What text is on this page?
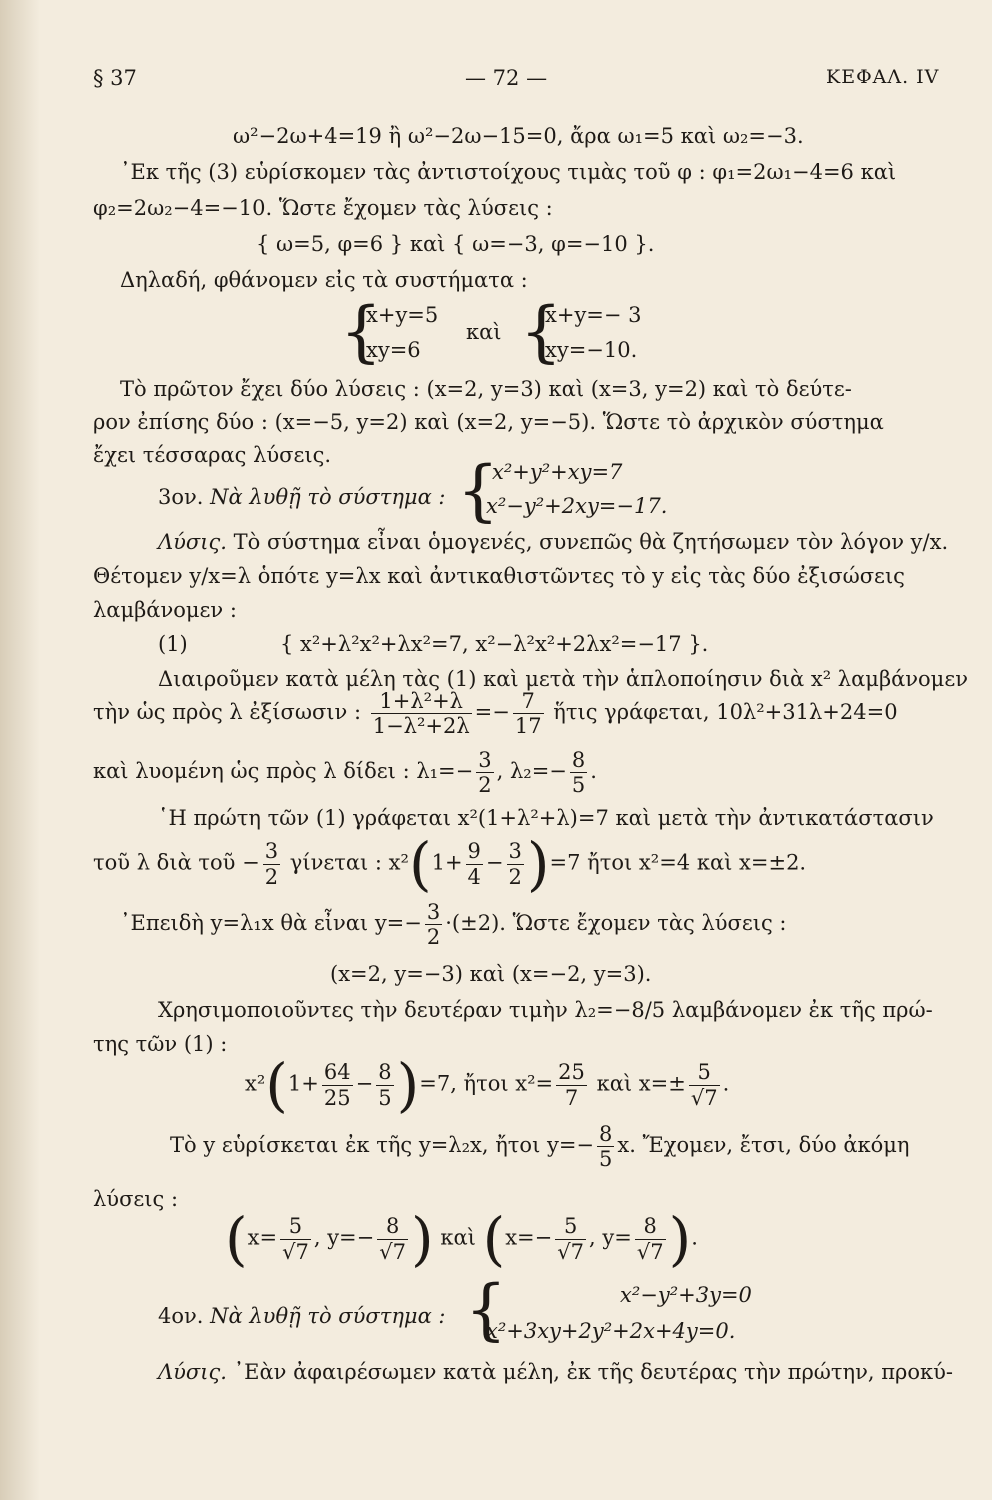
§ 37	— 72 —	ΚΕΦΑΛ. IV
ω²−2ω+4=19 ἢ ω²−2ω−15=0, ἄρα ω₁=5 καὶ ω₂=−3.
᾿Εκ τῆς (3) εὑρίσκομεν τὰς ἀντιστοίχους τιμὰς τοῦ φ : φ₁=2ω₁−4=6 καὶ
φ₂=2ω₂−4=−10. Ὥστε ἔχομεν τὰς λύσεις :
{ ω=5, φ=6 } καὶ { ω=−3, φ=−10 }.
Δηλαδή, φθάνομεν εἰς τὰ συστήματα :
{
x+y=5
xy=6
καὶ {
x+y=− 3
xy=−10.
Τὸ πρῶτον ἔχει δύο λύσεις : (x=2, y=3) καὶ (x=3, y=2) καὶ τὸ δεύτε-
ρον ἐπίσης δύο : (x=−5, y=2) καὶ (x=2, y=−5). Ὥστε τὸ ἀρχικὸν σύστημα
ἔχει τέσσαρας λύσεις.
3ον. Νὰ λυθῇ τὸ σύστημα : {
x²+y²+xy=7
x²−y²+2xy=−17.
Λύσις. Τὸ σύστημα εἶναι ὁμογενές, συνεπῶς θὰ ζητήσωμεν τὸν λόγον y/x.
Θέτομεν y/x=λ ὁπότε y=λx καὶ ἀντικαθιστῶντες τὸ y εἰς τὰς δύο ἐξισώσεις
λαμβάνομεν :
(1)	{ x²+λ²x²+λx²=7, x²−λ²x²+2λx²=−17 }.
Διαιροῦμεν κατὰ μέλη τὰς (1) καὶ μετὰ τὴν ἁπλοποίησιν διὰ x² λαμβάνομεν
τὴν ὡς πρὸς λ ἐξίσωσιν : $\frac{\text{1+λ²+λ}}{\text{1−λ²+2λ}} =- \frac{7}{17}$ ἥτις γράφεται, 10λ²+31λ+24=0
καὶ λυομένη ὡς πρὸς λ δίδει : $\lambda_1=- \frac{3}{2}$ , $\lambda_2=- \frac{8}{5}$ .
῾Η πρώτη τῶν (1) γράφεται x²(1+λ²+λ)=7 καὶ μετὰ τὴν ἀντικατάστασιν
τοῦ λ διὰ τοῦ − $\frac{3}{2}$ γίνεται : $x^2(1+ \frac{9}{4} - \frac{3}{2} )=7$ ἤτοι x²=4 καὶ x=±2.
᾿Επειδὴ y=λ₁x θὰ εἶναι $y=- \frac{3}{2} \cdot(\pm 2)$. Ὥστε ἔχομεν τὰς λύσεις :
(x=2, y=−3) καὶ (x=−2, y=3).
Χρησιμοποιοῦντες τὴν δευτέραν τιμὴν λ₂=−8/5 λαμβάνομεν ἐκ τῆς πρώ-
της τῶν (1) :
$x^2(1+ \frac{64}{25} - \frac{8}{5} )=7$, ἤτοι $x^2= \frac{25}{7}$ καὶ $x=\pm \frac{5}{√7}$ .
Τὸ y εὑρίσκεται ἐκ τῆς y=λ₂x, ἤτοι $y=- \frac{8}{5} x$. Ἔχομεν, ἔτσι, δύο ἀκόμη
λύσεις :
($x= \frac{5}{√7}$ , $y=- \frac{8}{√7}$ ) καὶ ($x=- \frac{5}{√7}$ , $y= \frac{8}{√7}$ ).
4ον. Νὰ λυθῇ τὸ σύστημα : {	x²−y²+3y=0
x²+3xy+2y²+2x+4y=0.
Λύσις. ᾿Εὰν ἀφαιρέσωμεν κατὰ μέλη, ἐκ τῆς δευτέρας τὴν πρώτην, προκύ-
